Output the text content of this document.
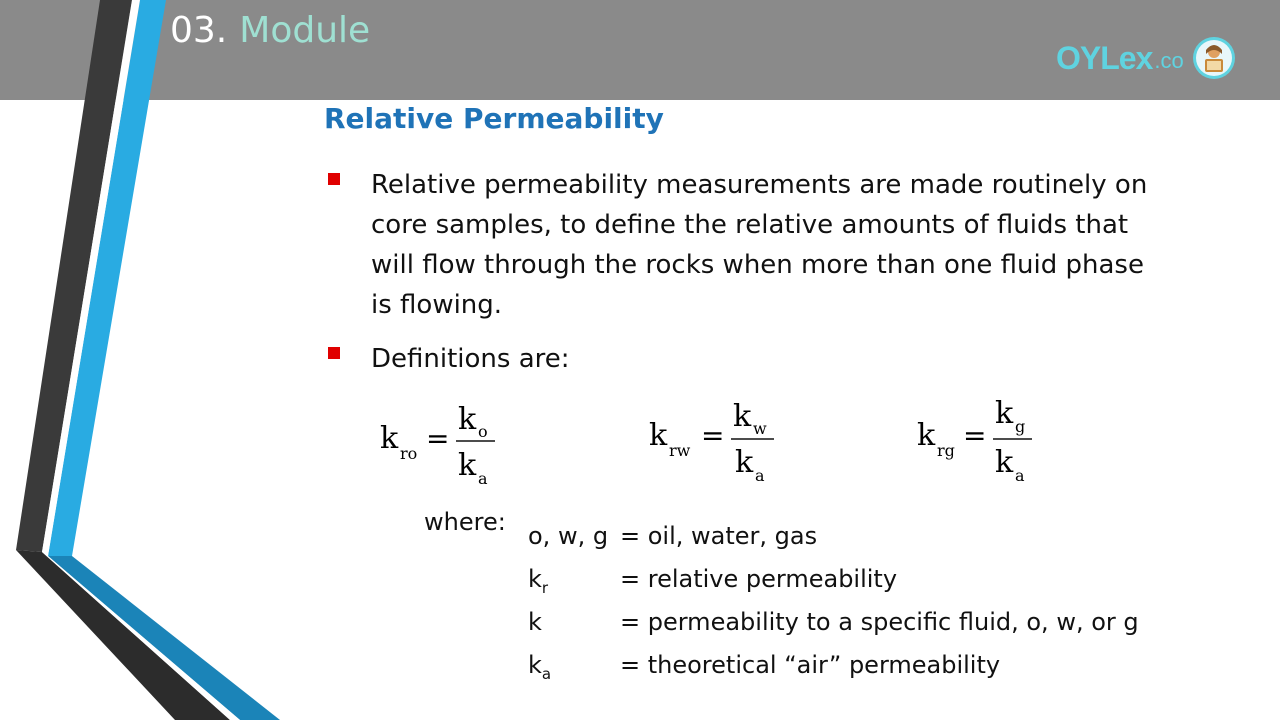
03. Module
OYLex .co
Relative Permeability
Relative permeability measurements are made routinely on core samples, to define the relative amounts of fluids that will flow through the rocks when more than one fluid phase is flowing.
Definitions are:
k ro =
k o
k a
k rw =
k w
k a
k rg =
k g
k a
where: o, w, g = oil, water, gas
$k_r$	= relative permeability
k	= permeability to a specific fluid, o, w, or g
$k_a$	= theoretical “air” permeability
